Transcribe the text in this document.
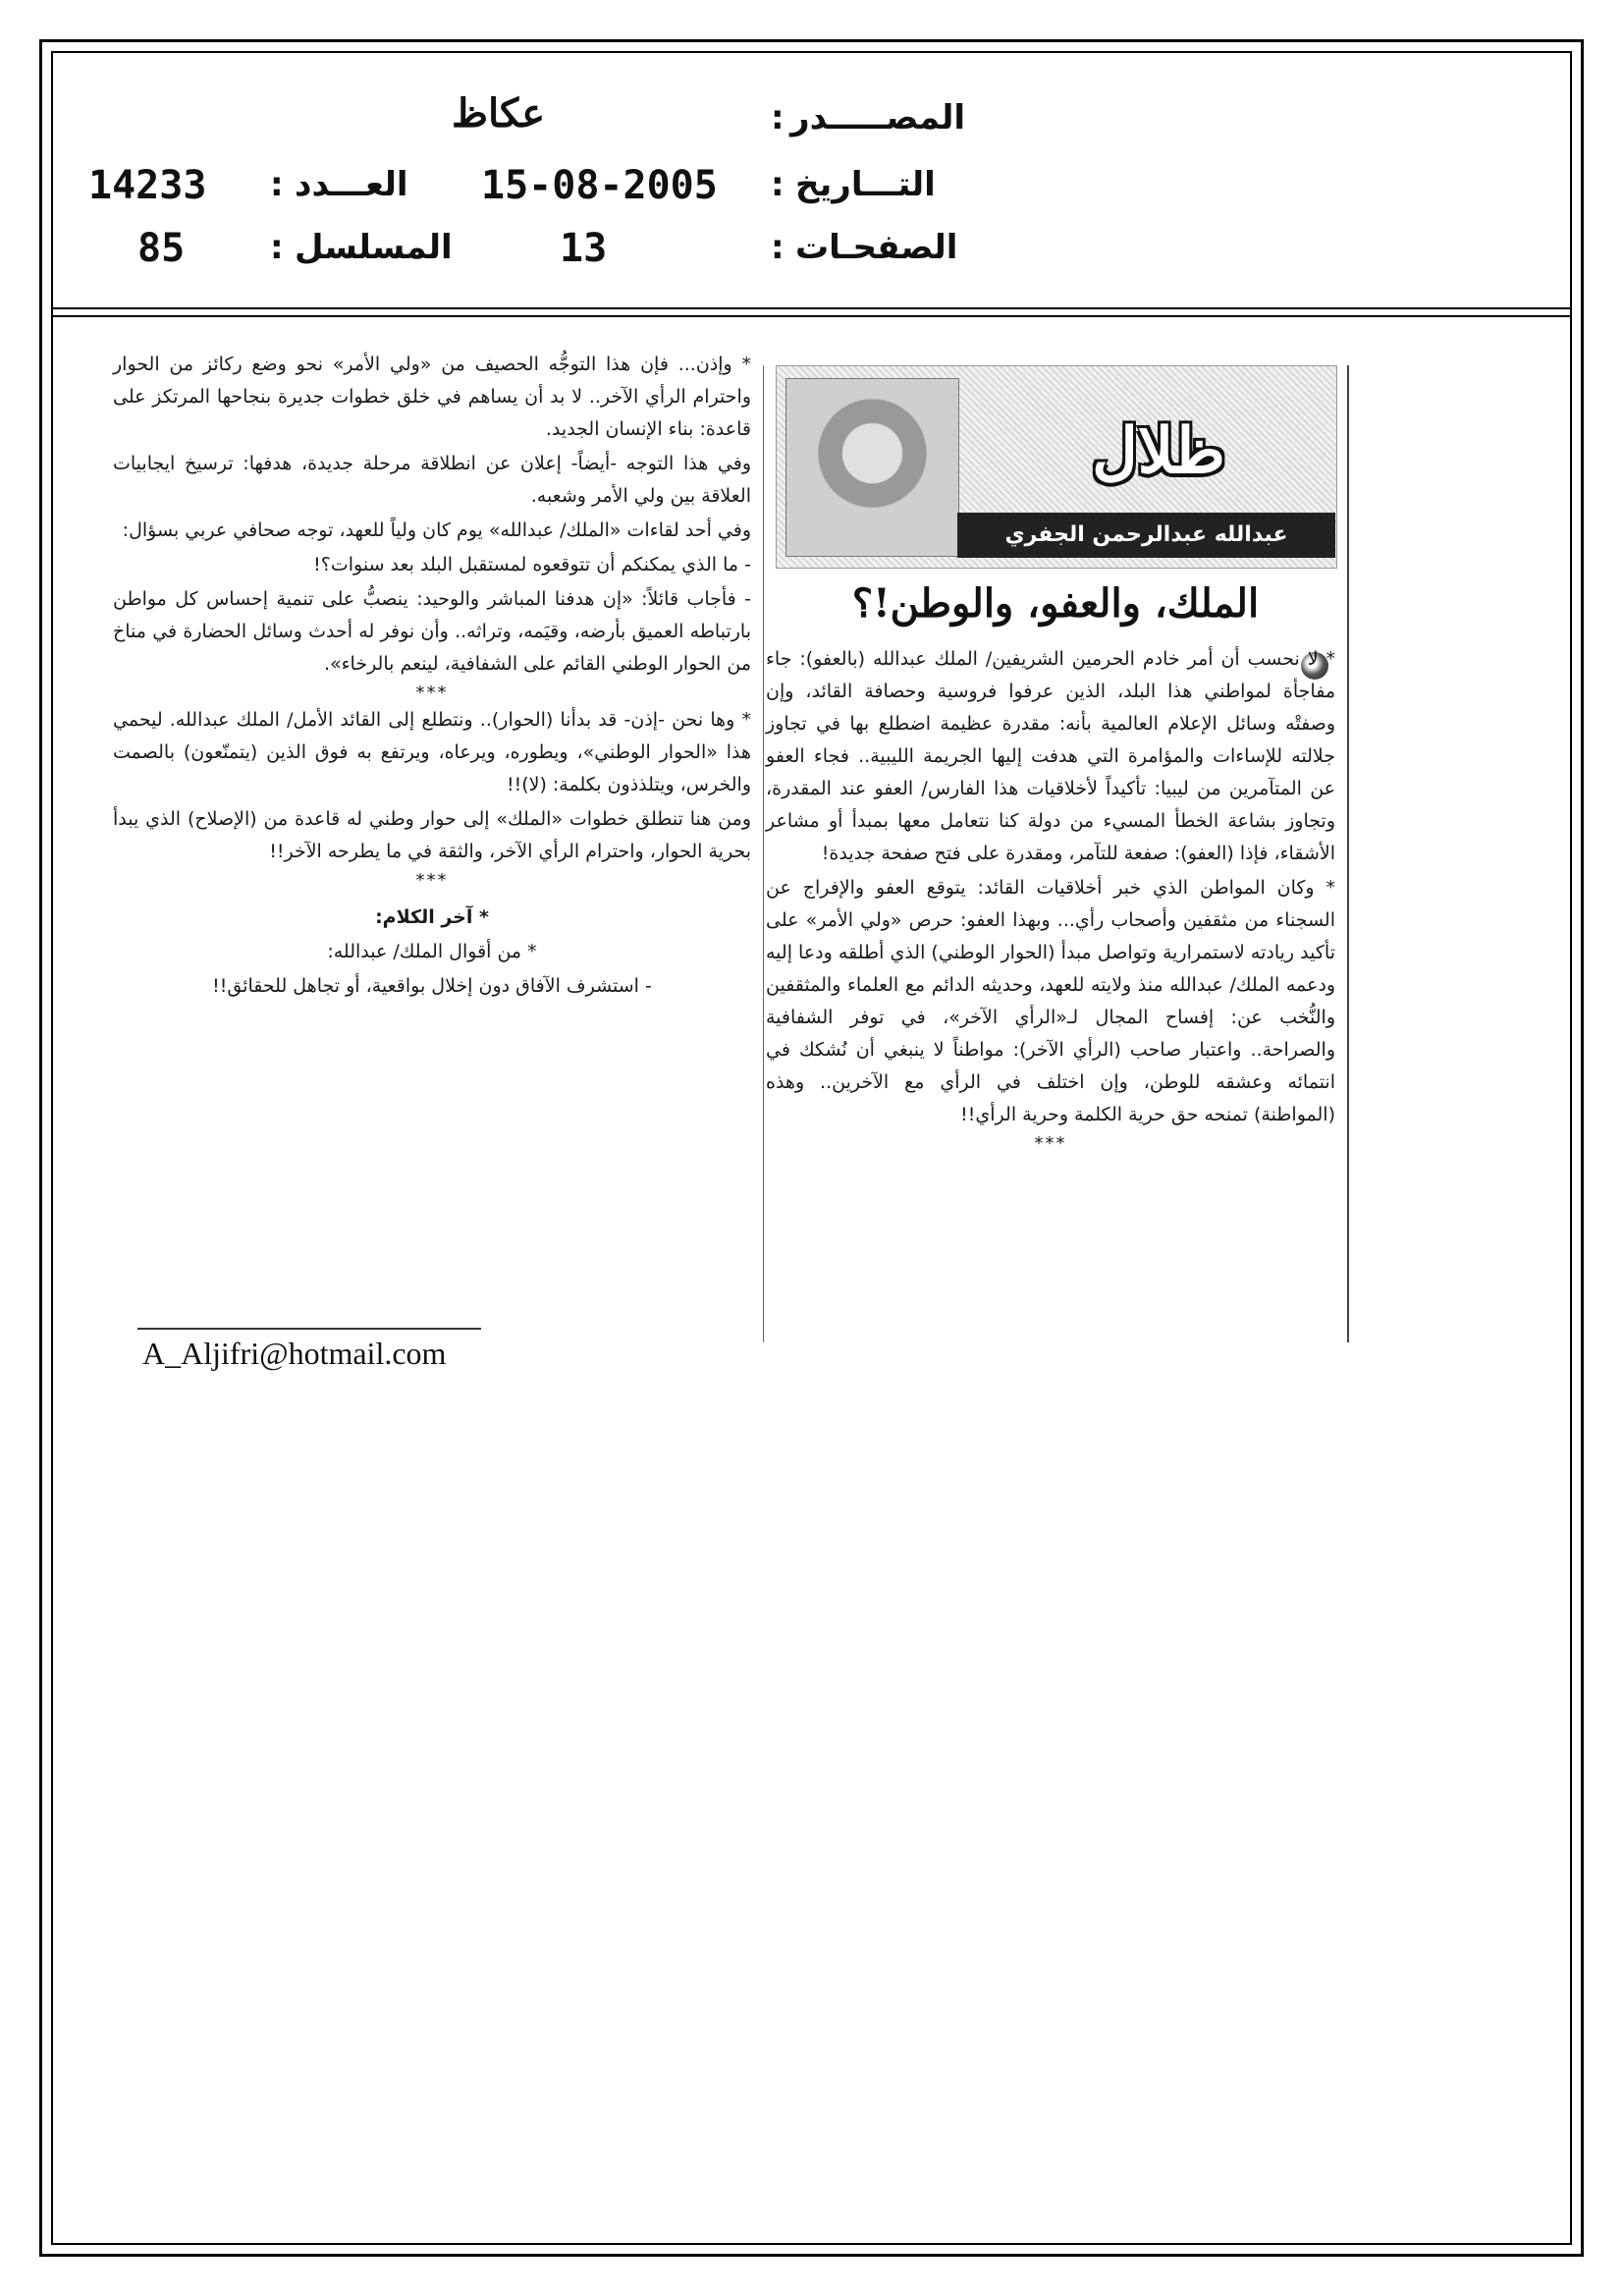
المصـــــدر
:
عكاظ
التـــاريخ
:
15-08-2005
العـــدد
:
14233
الصفحـات
:
13
المسلسل
:
85
ظلال
عبدالله عبدالرحمن الجفري
الملك، والعفو، والوطن!؟

* لا نحسب أن أمر خادم الحرمين الشريفين/ الملك عبدالله (بالعفو): جاء مفاجأة لمواطني هذا البلد، الذين عرفوا فروسية وحصافة القائد، وإن وصفتْه وسائل الإعلام العالمية بأنه: مقدرة عظيمة اضطلع بها في تجاوز جلالته للإساءات والمؤامرة التي هدفت إليها الجريمة الليبية.. فجاء العفو عن المتآمرين من ليبيا: تأكيداً لأخلاقيات هذا الفارس/ العفو عند المقدرة، وتجاوز بشاعة الخطأ المسيء من دولة كنا نتعامل معها بمبدأ أو مشاعر الأشقاء، فإذا (العفو): صفعة للتآمر، ومقدرة على فتح صفحة جديدة!

* وكان المواطن الذي خبر أخلاقيات القائد: يتوقع العفو والإفراج عن السجناء من مثقفين وأصحاب رأي... وبهذا العفو: حرص «ولي الأمر» على تأكيد ريادته لاستمرارية وتواصل مبدأ (الحوار الوطني) الذي أطلقه ودعا إليه ودعمه الملك/ عبدالله منذ ولايته للعهد، وحديثه الدائم مع العلماء والمثقفين والنُّخب عن: إفساح المجال لـ«الرأي الآخر»، في توفر الشفافية والصراحة.. واعتبار صاحب (الرأي الآخر): مواطناً لا ينبغي أن نُشكك في انتمائه وعشقه للوطن، وإن اختلف في الرأي مع الآخرين.. وهذه (المواطنة) تمنحه حق حرية الكلمة وحرية الرأي!!

***

* وإذن... فإن هذا التوجُّه الحصيف من «ولي الأمر» نحو وضع ركائز من الحوار واحترام الرأي الآخر.. لا بد أن يساهم في خلق خطوات جديرة بنجاحها المرتكز على قاعدة: بناء الإنسان الجديد.

وفي هذا التوجه -أيضاً- إعلان عن انطلاقة مرحلة جديدة، هدفها: ترسيخ ايجابيات العلاقة بين ولي الأمر وشعبه.

وفي أحد لقاءات «الملك/ عبدالله» يوم كان ولياً للعهد، توجه صحافي عربي بسؤال:

- ما الذي يمكنكم أن تتوقعوه لمستقبل البلد بعد سنوات؟!

- فأجاب قائلاً: «إن هدفنا المباشر والوحيد: ينصبُّ على تنمية إحساس كل مواطن بارتباطه العميق بأرضه، وقيَمه، وتراثه.. وأن نوفر له أحدث وسائل الحضارة في مناخ من الحوار الوطني القائم على الشفافية، لينعم بالرخاء».

***

* وها نحن -إذن- قد بدأنا (الحوار).. ونتطلع إلى القائد الأمل/ الملك عبدالله. ليحمي هذا «الحوار الوطني»، ويطوره، ويرعاه، ويرتفع به فوق الذين (يتمنّعون) بالصمت والخرس، ويتلذذون بكلمة: (لا)!!

ومن هنا تنطلق خطوات «الملك» إلى حوار وطني له قاعدة من (الإصلاح) الذي يبدأ بحرية الحوار، واحترام الرأي الآخر، والثقة في ما يطرحه الآخر!!

***

* آخر الكلام:

* من أقوال الملك/ عبدالله:

- استشرف الآفاق دون إخلال بواقعية، أو تجاهل للحقائق!!

A_Aljifri@hotmail.com
